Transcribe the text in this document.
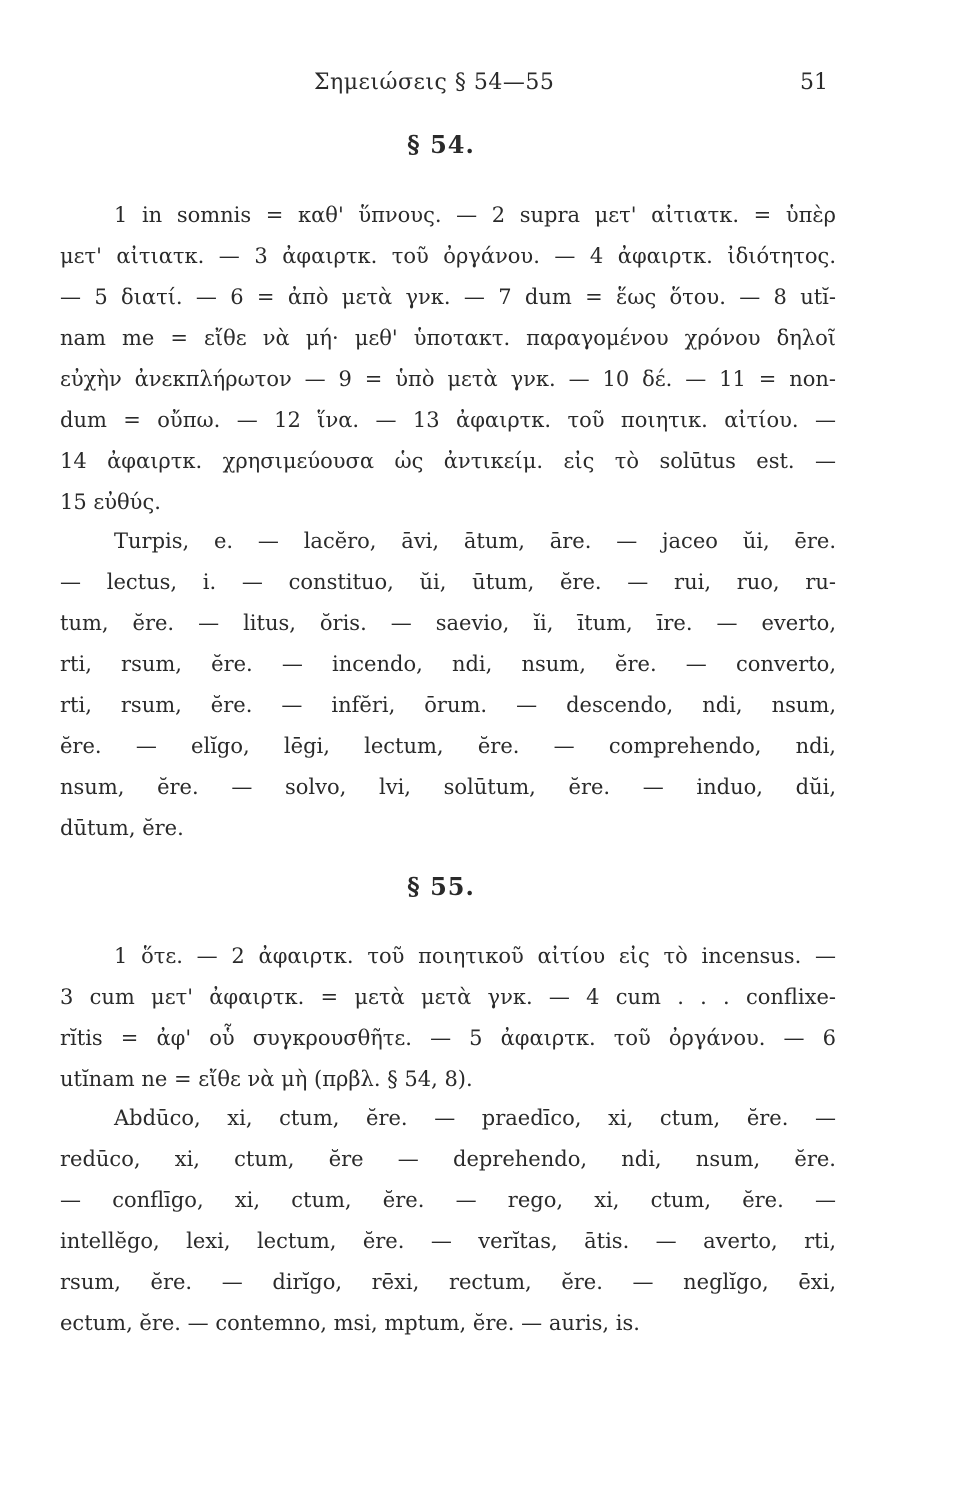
Σημειώσεις § 54—55	51
§ 54.
1 in somnis = καθ' ὕπνους. — 2 supra μετ' αἰτιατκ. = ὑπὲρ
μετ' αἰτιατκ. — 3 ἀφαιρτκ. τοῦ ὀργάνου. — 4 ἀφαιρτκ. ἰδιότητος.
— 5 διατί. — 6 = ἀπὸ μετὰ γνκ. — 7 dum = ἕως ὅτου. — 8 utĭ-
nam me = εἴθε νὰ μή· μεθ' ὑποτακτ. παραγομένου χρόνου δηλοῖ
εὐχὴν ἀνεκπλήρωτον — 9 = ὑπὸ μετὰ γνκ. — 10 δέ. — 11 = non-
dum = οὔπω. — 12 ἵνα. — 13 ἀφαιρτκ. τοῦ ποιητικ. αἰτίου. —
14 ἀφαιρτκ. χρησιμεύουσα ὡς ἀντικείμ. εἰς τὸ solūtus est. —
15 εὐθύς.
Turpis, e. — lacĕro, āvi, ātum, āre. — jaceo ŭi, ēre.
— lectus, i. — constituo, ŭi, ūtum, ĕre. — rui, ruo, ru-
tum, ĕre. — litus, ŏris. — saevio, ĭi, ītum, īre. — everto,
rti, rsum, ĕre. — incendo, ndi, nsum, ĕre. — converto,
rti, rsum, ĕre. — infĕri, ōrum. — descendo, ndi, nsum,
ĕre. — elĭgo, lēgi, lectum, ĕre. — comprehendo, ndi,
nsum, ĕre. — solvo, lvi, solūtum, ĕre. — induo, dŭi,
dūtum, ĕre.
§ 55.
1 ὅτε. — 2 ἀφαιρτκ. τοῦ ποιητικοῦ αἰτίου εἰς τὸ incensus. —
3 cum μετ' ἀφαιρτκ. = μετὰ μετὰ γνκ. — 4 cum . . . conflixe-
rĭtis = ἀφ' οὗ συγκρουσθῆτε. — 5 ἀφαιρτκ. τοῦ ὀργάνου. — 6
utĭnam ne = εἴθε νὰ μὴ (πρβλ. § 54, 8).
Abdūco, xi, ctum, ĕre. — praedīco, xi, ctum, ĕre. —
redūco, xi, ctum, ĕre — deprehendo, ndi, nsum, ĕre.
— conflīgo, xi, ctum, ĕre. — rego, xi, ctum, ĕre. —
intellĕgo, lexi, lectum, ĕre. — verĭtas, ātis. — averto, rti,
rsum, ĕre. — dirĭgo, rēxi, rectum, ĕre. — neglĭgo, ēxi,
ectum, ĕre. — contemno, msi, mptum, ĕre. — auris, is.
